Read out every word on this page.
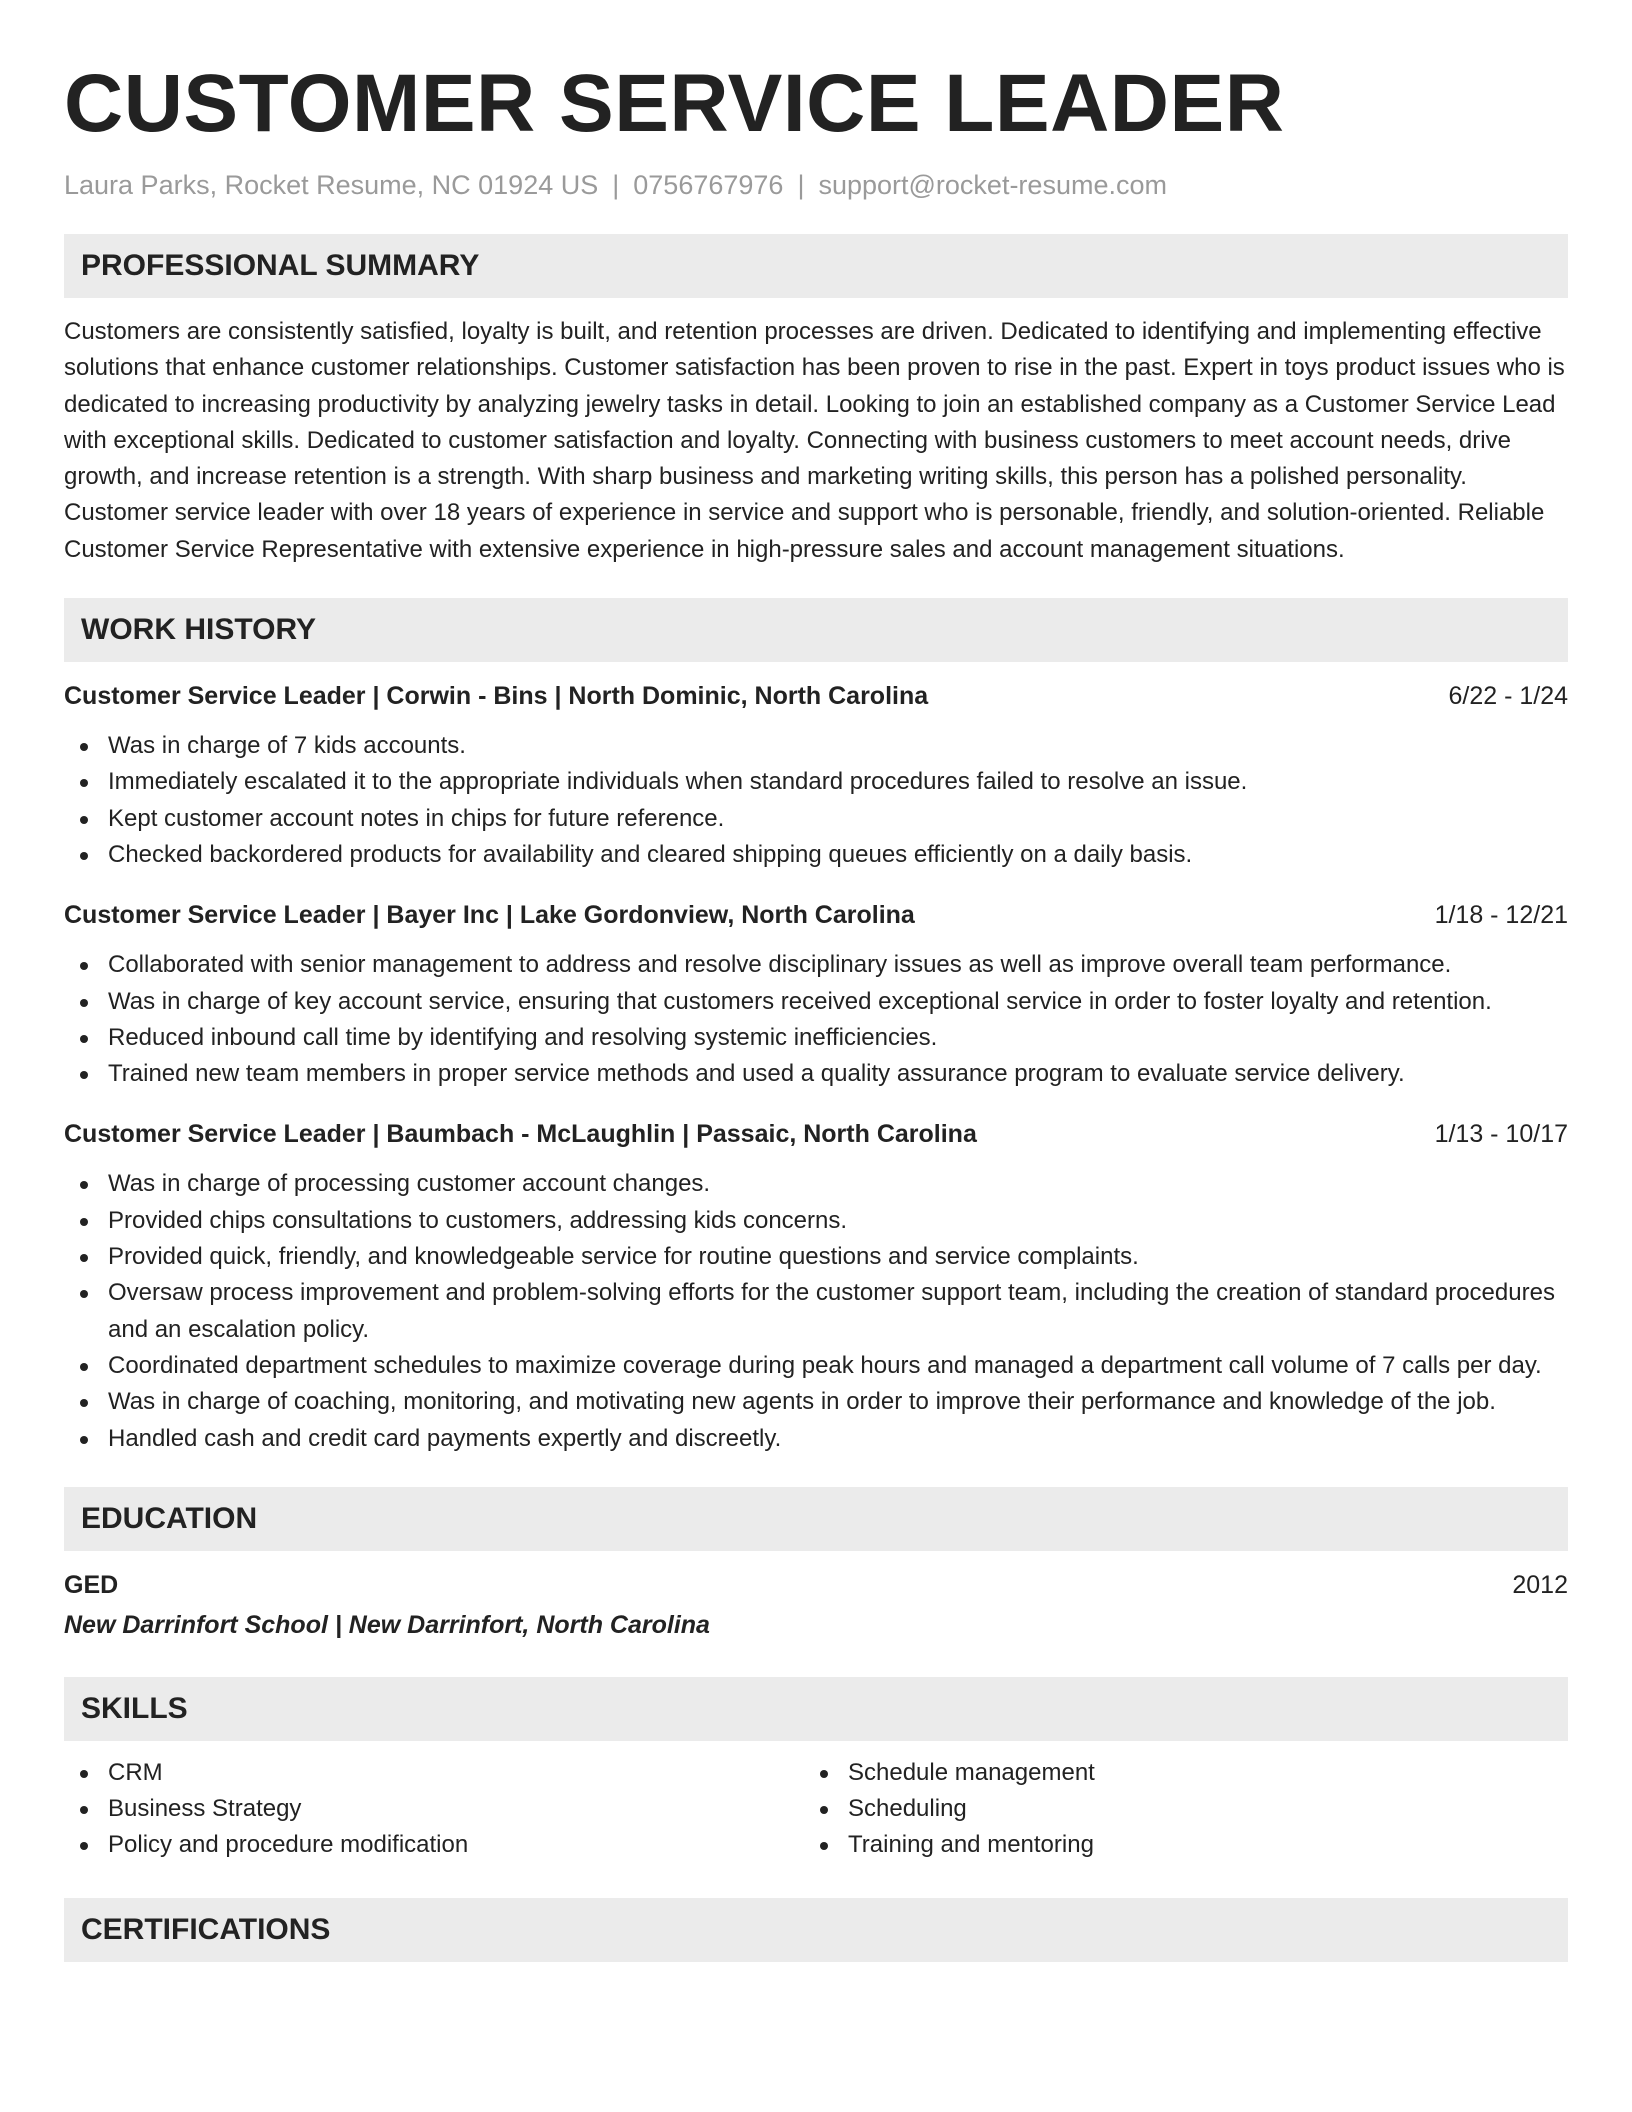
CUSTOMER SERVICE LEADER
Laura Parks, Rocket Resume, NC 01924 US | 0756767976 | support@rocket-resume.com
PROFESSIONAL SUMMARY
Customers are consistently satisfied, loyalty is built, and retention processes are driven. Dedicated to identifying and implementing effective solutions that enhance customer relationships. Customer satisfaction has been proven to rise in the past. Expert in toys product issues who is dedicated to increasing productivity by analyzing jewelry tasks in detail. Looking to join an established company as a Customer Service Lead with exceptional skills. Dedicated to customer satisfaction and loyalty. Connecting with business customers to meet account needs, drive growth, and increase retention is a strength. With sharp business and marketing writing skills, this person has a polished personality. Customer service leader with over 18 years of experience in service and support who is personable, friendly, and solution-oriented. Reliable Customer Service Representative with extensive experience in high-pressure sales and account management situations.
WORK HISTORY
Customer Service Leader | Corwin - Bins | North Dominic, North Carolina	6/22 - 1/24
Was in charge of 7 kids accounts.
Immediately escalated it to the appropriate individuals when standard procedures failed to resolve an issue.
Kept customer account notes in chips for future reference.
Checked backordered products for availability and cleared shipping queues efficiently on a daily basis.
Customer Service Leader | Bayer Inc | Lake Gordonview, North Carolina	1/18 - 12/21
Collaborated with senior management to address and resolve disciplinary issues as well as improve overall team performance.
Was in charge of key account service, ensuring that customers received exceptional service in order to foster loyalty and retention.
Reduced inbound call time by identifying and resolving systemic inefficiencies.
Trained new team members in proper service methods and used a quality assurance program to evaluate service delivery.
Customer Service Leader | Baumbach - McLaughlin | Passaic, North Carolina	1/13 - 10/17
Was in charge of processing customer account changes.
Provided chips consultations to customers, addressing kids concerns.
Provided quick, friendly, and knowledgeable service for routine questions and service complaints.
Oversaw process improvement and problem-solving efforts for the customer support team, including the creation of standard procedures and an escalation policy.
Coordinated department schedules to maximize coverage during peak hours and managed a department call volume of 7 calls per day.
Was in charge of coaching, monitoring, and motivating new agents in order to improve their performance and knowledge of the job.
Handled cash and credit card payments expertly and discreetly.
EDUCATION
GED	2012
New Darrinfort School | New Darrinfort, North Carolina
SKILLS
CRM
Business Strategy
Policy and procedure modification
Schedule management
Scheduling
Training and mentoring
CERTIFICATIONS
